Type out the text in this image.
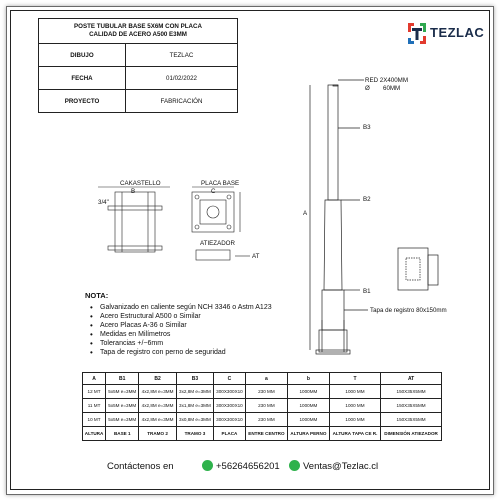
POSTE TUBULAR BASE 5X6M CON PLACA
CALIDAD DE ACERO A500 E3MM	

DIBUJO	TEZLAC
FECHA	01/02/2022
PROYECTO	FABRICACIÓN
TEZLAC
RED 2X400MM
Ø 60MM
B3
B2
B1
A
Tapa de registro 80x150mm
CAKASTELLO	PLACA BASE
ATIEZADOR
B	C
3/4"
AT
NOTA:
• Galvanizado en caliente según NCH 3346 o Astm A123
• Acero Estructural A500 o Similar
• Acero Placas A-36 o Similar
• Medidas en Milímetros
• Tolerancias +/−6mm
• Tapa de registro con perno de seguridad
A	B1	B2	B3	C	a	b	T	AT
12 MT	5x5M e=3MM	4x2,8M e=3MM	3x2,8M e=3MM	300X300X10	230 MM	1000MM	1000 MM	150X35X5MM
11 MT	5x5M e=3MM	4x2,8M e=3MM	3x1,8M e=3MM	300X300X10	230 MM	1000MM	1000 MM	150X35X5MM
10 MT	5x5M e=3MM	4x2,8M e=3MM	3x0,8M e=3MM	300X300X10	230 MM	1000MM	1000 MM	150X35X5MM
ALTURA	BASE 1	TRAMO 2	TRAMO 3	PLACA	ENTRE CENTRO	ALTURA PERNO	ALTURA TAPA CE R.	DIMENSIÓN ATIEZADOR
Contáctenos en	+56264656201 Ventas@Tezlac.cl
